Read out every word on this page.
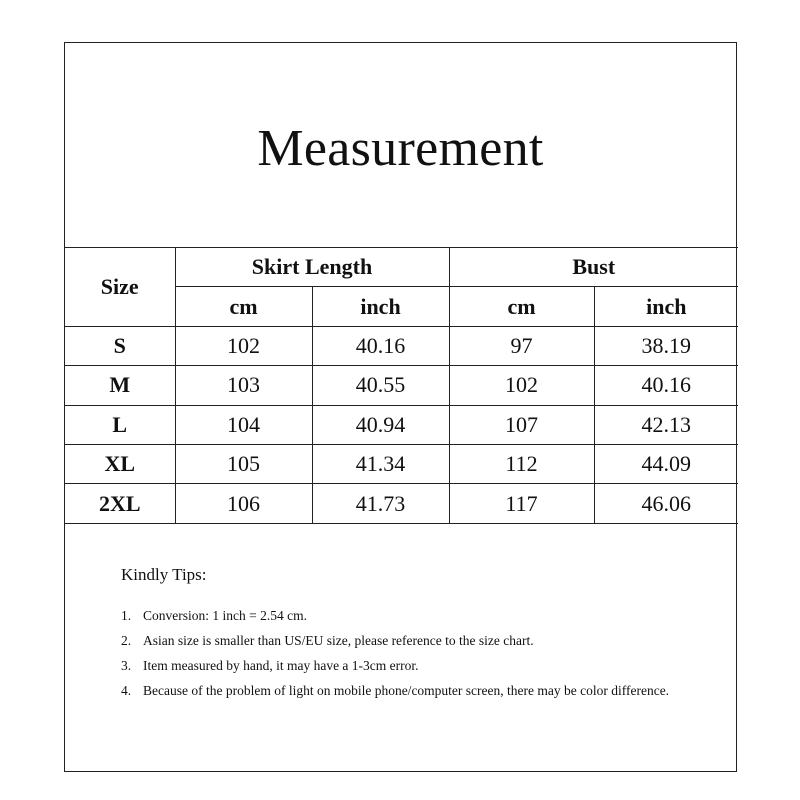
Measurement
Size	Skirt Length		Bust	
	cm	inch	cm	inch
S	102	40.16	97	38.19
M	103	40.55	102	40.16
L	104	40.94	107	42.13
XL	105	41.34	112	44.09
2XL	106	41.73	117	46.06

Kindly Tips:

1. Conversion: 1 inch = 2.54 cm.
2. Asian size is smaller than US/EU size, please reference to the size chart.
3. Item measured by hand, it may have a 1-3cm error.
4. Because of the problem of light on mobile phone/computer screen, there may be color difference.
